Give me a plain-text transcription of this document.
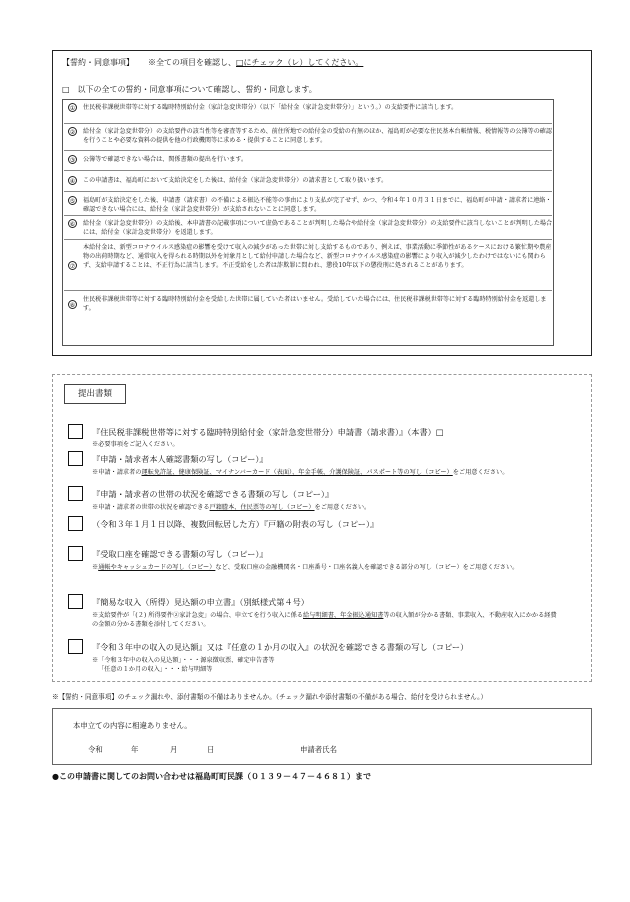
【誓約・同意事項】 ※全ての項目を確認し、□にチェック（レ）してください。
□　以下の全ての誓約・同意事項について確認し、誓約・同意します。
① 住民税非課税世帯等に対する臨時特別給付金（家計急変世帯分）（以下「給付金（家計急変世帯分）」という。）の支給要件に該当します。
② 給付金（家計急変世帯分）の支給要件の該当性等を審査等するため、前住所地での給付金の受給の有無のほか、福島町が必要な住民基本台帳情報、税情報等の公簿等の確認を行うことや必要な資料の提供を他の行政機関等に求める・提供することに同意します。
③ 公簿等で確認できない場合は、関係書類の提出を行います。
④ この申請書は、福島町において支給決定をした後は、給付金（家計急変世帯分）の請求書として取り扱います。
⑤ 福島町が支給決定をした後、申請書（請求書）の不備による振込不能等の事由により支払が完了せず、かつ、令和４年１０月３１日までに、福島町が申請・請求者に連絡・確認できない場合には、給付金（家計急変世帯分）が支給されないことに同意します。
⑥ 給付金（家計急変世帯分）の支給後、本申請書の記載事項について虚偽であることが判明した場合や給付金（家計急変世帯分）の支給要件に該当しないことが判明した場合には、給付金（家計急変世帯分）を返還します。
⑦
本給付金は、新型コロナウイルス感染症の影響を受けて収入の減少があった世帯に対し支給するものであり、例えば、事業活動に季節性があるケースにおける繁忙期や農産物の出荷時期など、通常収入を得られる時期以外を対象月として給付申請した場合など、新型コロナウイルス感染症の影響により収入が減少したわけではないにも関わらず、支給申請することは、不正行為に該当します。不正受給をした者は詐欺罪に問われ、懲役10年以下の懲役刑に処されることがあります。
⑧
住民税非課税世帯等に対する臨時特別給付金を受給した世帯に属していた者はいません。受給していた場合には、住民税非課税世帯等に対する臨時特別給付金を返還します。
提出書類
『住民税非課税世帯等に対する臨時特別給付金（家計急変世帯分）申請書（請求書）』（本書）□
※必要事項をご記入ください。
『申請・請求者本人確認書類の写し（コピー）』
※申請・請求者の運転免許証、健康保険証、マイナンバーカード（表面）、年金手帳、介護保険証、パスポート等の写し（コピー）をご用意ください。
『申請・請求者の世帯の状況を確認できる書類の写し（コピー）』
※申請・請求者の世帯の状況を確認できる戸籍謄本、住民票等の写し（コピー）をご用意ください。
（令和３年１月１日以降、複数回転居した方）『戸籍の附表の写し（コピー）』
『受取口座を確認できる書類の写し（コピー）』
※通帳やキャッシュカードの写し（コピー）など、受取口座の金融機関名・口座番号・口座名義人を確認できる部分の写し（コピー）をご用意ください。
『簡易な収入（所得）見込額の申立書』（別紙様式第４号）
※支給要件が「(２) 所得要件②家計急変」の場合、申立てを行う収入に係る給与明細書、年金振込通知書等の収入額が分かる書類、事業収入、不動産収入にかかる経費の金額の分かる書類を添付してください。
『令和３年中の収入の見込額』又は『任意の１か月の収入』の状況を確認できる書類の写し（コピー）
※「令和３年中の収入の見込額」・・・源泉徴収票、確定申告書等
「任意の１か月の収入」・・・給与明細等
※【誓約・同意事項】のチェック漏れや、添付書類の不備はありませんか。（チェック漏れや添付書類の不備がある場合、給付を受けられません。）
本申立ての内容に相違ありません。
令和	年	月	日	申請者氏名
●この申請書に関してのお問い合わせは福島町町民課（０１３９－４７－４６８１）まで
